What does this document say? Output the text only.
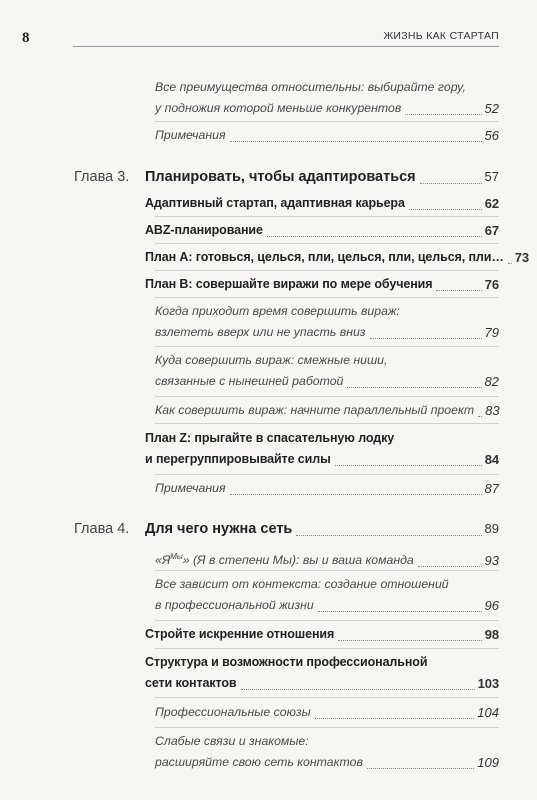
8	ЖИЗНЬ КАК СТАРТАП
Все преимущества относительны: выбирайте гору,
у подножия которой меньше конкурентов	52
Примечания	56
Глава 3. Планировать, чтобы адаптироваться	57
Адаптивный стартап, адаптивная карьера	62
ABZ-планирование	67
План А: готовься, целься, пли, целься, пли, целься, пли… 73
План В: совершайте виражи по мере обучения	76
Когда приходит время совершить вираж:
взлететь вверх или не упасть вниз	79
Куда совершить вираж: смежные ниши,
связанные с нынешней работой	82
Как совершить вираж: начните параллельный проект 83
План Z: прыгайте в спасательную лодку
и перегруппировывайте силы	84
Примечания	87
Глава 4. Для чего нужна сеть	89
«$Я^{Мы}$» (Я в степени Мы): вы и ваша команда	93
Все зависит от контекста: создание отношений
в профессиональной жизни	96
Стройте искренние отношения	98
Структура и возможности профессиональной
сети контактов	103
Профессиональные союзы	104
Слабые связи и знакомые:
расширяйте свою сеть контактов	109
